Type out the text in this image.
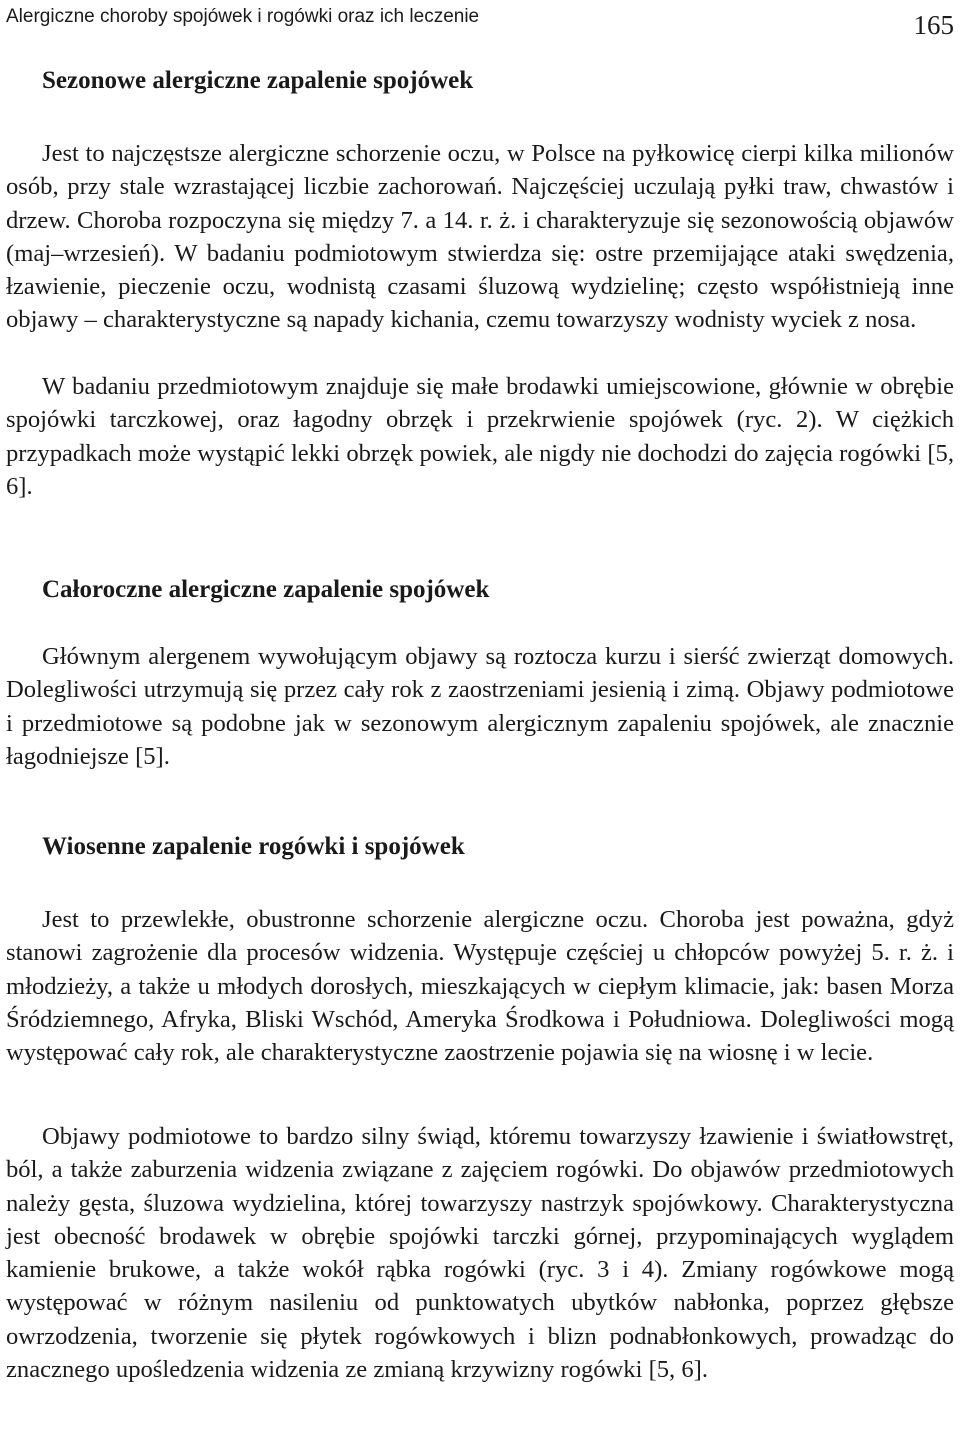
Alergiczne choroby spojówek i rogówki oraz ich leczenie	165
Sezonowe alergiczne zapalenie spojówek

Jest to najczęstsze alergiczne schorzenie oczu, w Polsce na pyłkowicę cierpi kilka milionów osób, przy stale wzrastającej liczbie zachorowań. Najczęściej uczulają pyłki traw, chwastów i drzew. Choroba rozpoczyna się między 7. a 14. r. ż. i charakteryzuje się sezonowością objawów (maj–wrzesień). W badaniu podmiotowym stwierdza się: ostre przemijające ataki swędzenia, łzawienie, pieczenie oczu, wodnistą czasami śluzową wydzielinę; często współistnieją inne objawy – charakterystyczne są napady kichania, czemu towarzyszy wodnisty wyciek z nosa.

W badaniu przedmiotowym znajduje się małe brodawki umiejscowione, głównie w obrębie spojówki tarczkowej, oraz łagodny obrzęk i przekrwienie spojówek (ryc. 2). W ciężkich przypadkach może wystąpić lekki obrzęk powiek, ale nigdy nie dochodzi do zajęcia rogówki [5, 6].

Całoroczne alergiczne zapalenie spojówek

Głównym alergenem wywołującym objawy są roztocza kurzu i sierść zwierząt domowych. Dolegliwości utrzymują się przez cały rok z zaostrzeniami jesienią i zimą. Objawy podmiotowe i przedmiotowe są podobne jak w sezonowym alergicznym zapaleniu spojówek, ale znacznie łagodniejsze [5].

Wiosenne zapalenie rogówki i spojówek

Jest to przewlekłe, obustronne schorzenie alergiczne oczu. Choroba jest poważna, gdyż stanowi zagrożenie dla procesów widzenia. Występuje częściej u chłopców powyżej 5. r. ż. i młodzieży, a także u młodych dorosłych, mieszkających w ciepłym klimacie, jak: basen Morza Śródziemnego, Afryka, Bliski Wschód, Ameryka Środkowa i Południowa. Dolegliwości mogą występować cały rok, ale charakterystyczne zaostrzenie pojawia się na wiosnę i w lecie.

Objawy podmiotowe to bardzo silny świąd, któremu towarzyszy łzawienie i światłowstręt, ból, a także zaburzenia widzenia związane z zajęciem rogówki. Do objawów przedmiotowych należy gęsta, śluzowa wydzielina, której towarzyszy nastrzyk spojówkowy. Charakterystyczna jest obecność brodawek w obrębie spojówki tarczki górnej, przypominających wyglądem kamienie brukowe, a także wokół rąbka rogówki (ryc. 3 i 4). Zmiany rogówkowe mogą występować w różnym nasileniu od punktowatych ubytków nabłonka, poprzez głębsze owrzodzenia, tworzenie się płytek rogówkowych i blizn podnabłonkowych, prowadząc do znacznego upośledzenia widzenia ze zmianą krzywizny rogówki [5, 6].
